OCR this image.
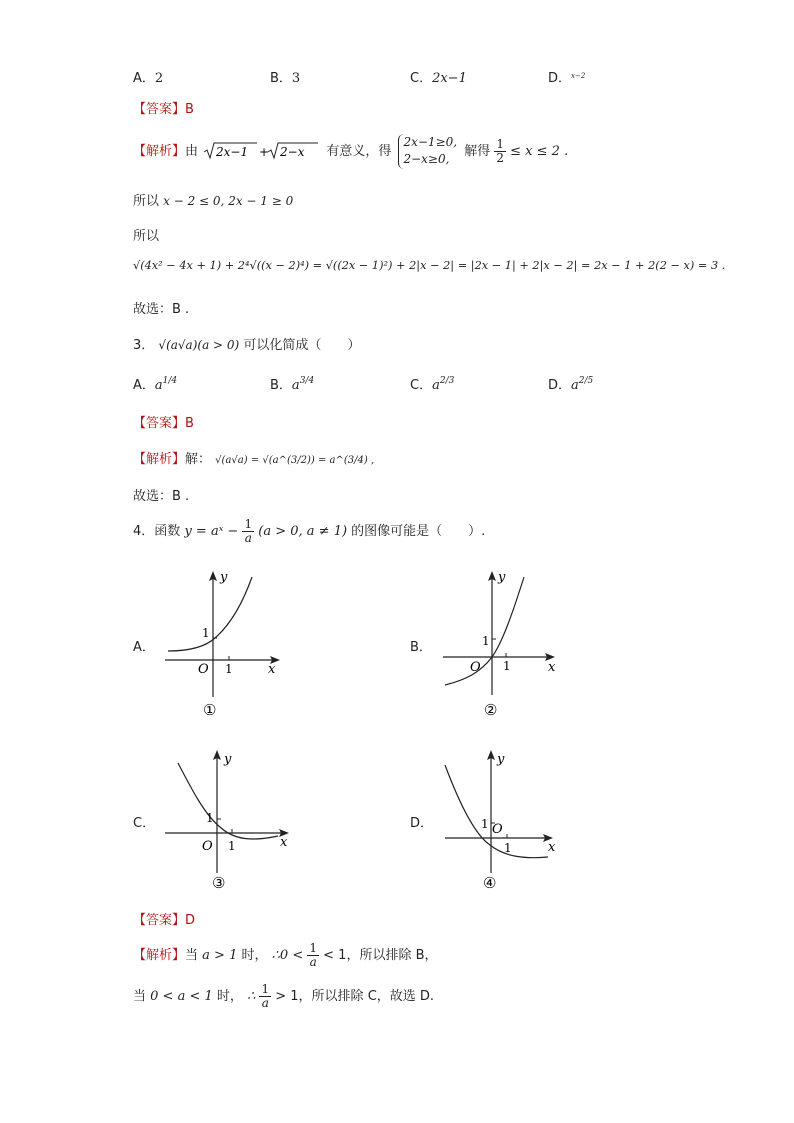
A．2	B．3	C．2x−1	D．$^{x-2}$
【答案】B
【解析】由 2x−1 + 2−x 有意义，得
2x−1≥0,
2−x≥0,
解得 $\frac{1}{2} \le x \le 2$ .
所以 x − 2 ≤ 0, 2x − 1 ≥ 0
所以
√(4x² − 4x + 1) + 2⁴√((x − 2)⁴) = √((2x − 1)²) + 2|x − 2| = |2x − 1| + 2|x − 2| = 2x − 1 + 2(2 − x) = 3 .
故选：B .
3． √(a√a)(a > 0) 可以化简成（　　）
A．$a^{1/4}$	B．$a^{3/4}$	C．$a^{2/3}$	D．$a^{2/5}$
【答案】B
【解析】解： √(a√a) = √(a^(3/2)) = a^(3/4) ,
故选：B .
4．函数 y = aˣ − $\frac{1}{a} (a > 0$, a ≠ 1) 的图像可能是（　　）.
A．	B．
C．	D．
y
x
O
1
1
①
y
x
O
1
1
②
y
x
O
1
1
③
y
x
O
1
1
④
【答案】D
【解析】当 a > 1 时， ∴0 < $\frac{1}{a} < 1$，所以排除 B，
当 0 < a < 1 时， ∴ $\frac{1}{a} > 1$，所以排除 C，故选 D.
